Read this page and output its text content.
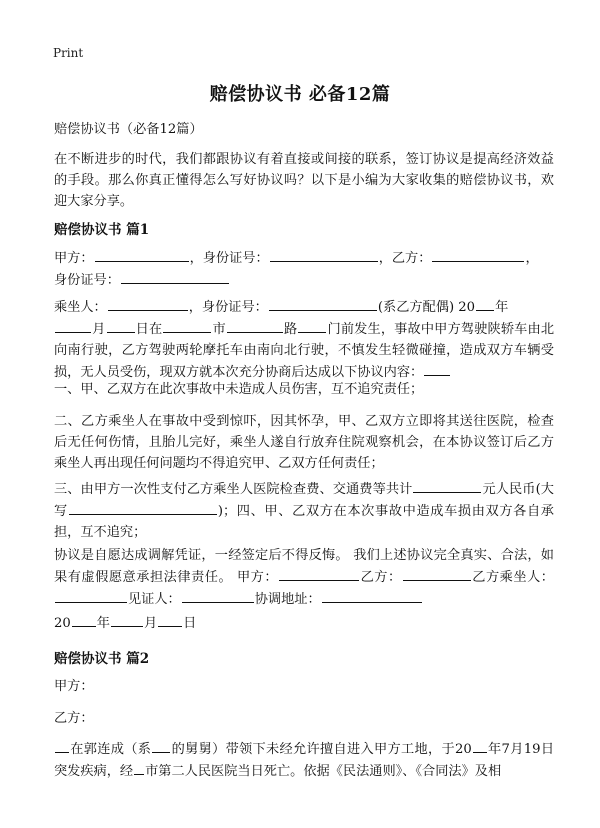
Print
赔偿协议书 必备12篇
赔偿协议书（必备12篇）
在不断进步的时代，我们都跟协议有着直接或间接的联系，签订协议是提高经济效益的手段。那么你真正懂得怎么写好协议吗？以下是小编为大家收集的赔偿协议书，欢迎大家分享。
赔偿协议书 篇1
甲方：	，身份证号：	，乙方：	，
身份证号：
乘坐人：	，身份证号：	(系乙方配偶) 20 年
月 日在	市	路 门前发生，事故中甲方驾驶陕轿车由北向南行驶，乙方驾驶两轮摩托车由南向北行驶，不慎发生轻微碰撞，造成双方车辆受损，无人员受伤，现双方就本次充分协商后达成以下协议内容：
一、甲、乙双方在此次事故中未造成人员伤害，互不追究责任；
二、乙方乘坐人在事故中受到惊吓，因其怀孕，甲、乙双方立即将其送往医院，检查后无任何伤情，且胎儿完好，乘坐人遂自行放弃住院观察机会，在本协议签订后乙方乘坐人再出现任何问题均不得追究甲、乙双方任何责任；
三、由甲方一次性支付乙方乘坐人医院检查费、交通费等共计	元人民币(大写	)；四、甲、乙双方在本次事故中造成车损由双方各自承担，互不追究；
协议是自愿达成调解凭证，一经签定后不得反悔。 我们上述协议完全真实、合法，如果有虚假愿意承担法律责任。 甲方：	乙方：	乙方乘坐人：见证人：	协调地址：
20 年	月 日
赔偿协议书 篇2
甲方：
乙方：
在郭连成（系 的舅舅）带领下未经允许擅自进入甲方工地，于20 年7月19日突发疾病，经 市第二人民医院当日死亡。依据《民法通则》、《合同法》及相
